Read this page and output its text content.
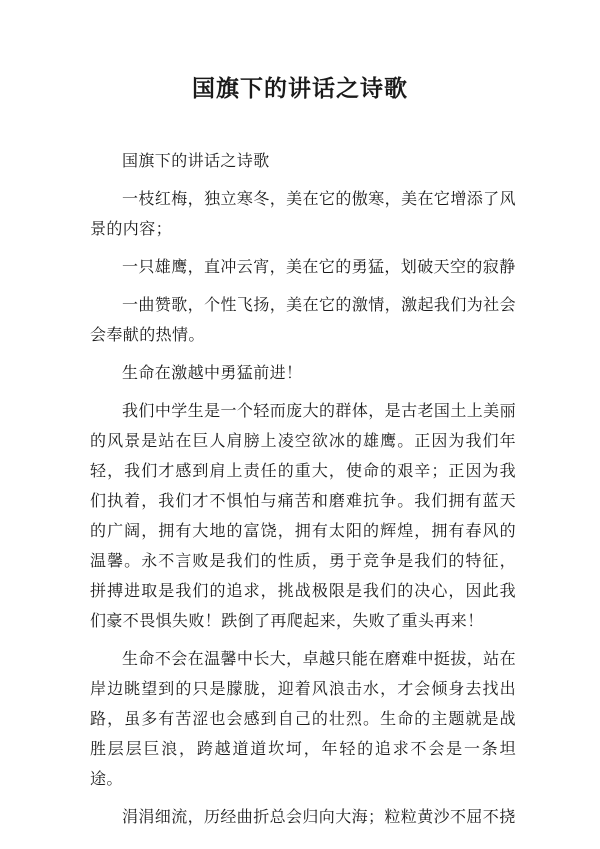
国旗下的讲话之诗歌

国旗下的讲话之诗歌

一枝红梅，独立寒冬，美在它的傲寒，美在它增添了风景的内容；

一只雄鹰，直冲云宵，美在它的勇猛，划破天空的寂静

一曲赞歌，个性飞扬，美在它的激情，激起我们为社会会奉献的热情。

生命在激越中勇猛前进！

我们中学生是一个轻而庞大的群体，是古老国土上美丽的风景是站在巨人肩膀上凌空欲冰的雄鹰。正因为我们年轻，我们才感到肩上责任的重大，使命的艰辛；正因为我们执着，我们才不惧怕与痛苦和磨难抗争。我们拥有蓝天的广阔，拥有大地的富饶，拥有太阳的辉煌，拥有春风的温馨。永不言败是我们的性质，勇于竞争是我们的特征，拼搏进取是我们的追求，挑战极限是我们的决心，因此我们豪不畏惧失败！跌倒了再爬起来，失败了重头再来！

生命不会在温馨中长大，卓越只能在磨难中挺拔，站在岸边眺望到的只是朦胧，迎着风浪击水，才会倾身去找出路，虽多有苦涩也会感到自己的壮烈。生命的主题就是战胜层层巨浪，跨越道道坎坷，年轻的追求不会是一条坦途。

涓涓细流，历经曲折总会归向大海；粒粒黄沙不屈不挠
